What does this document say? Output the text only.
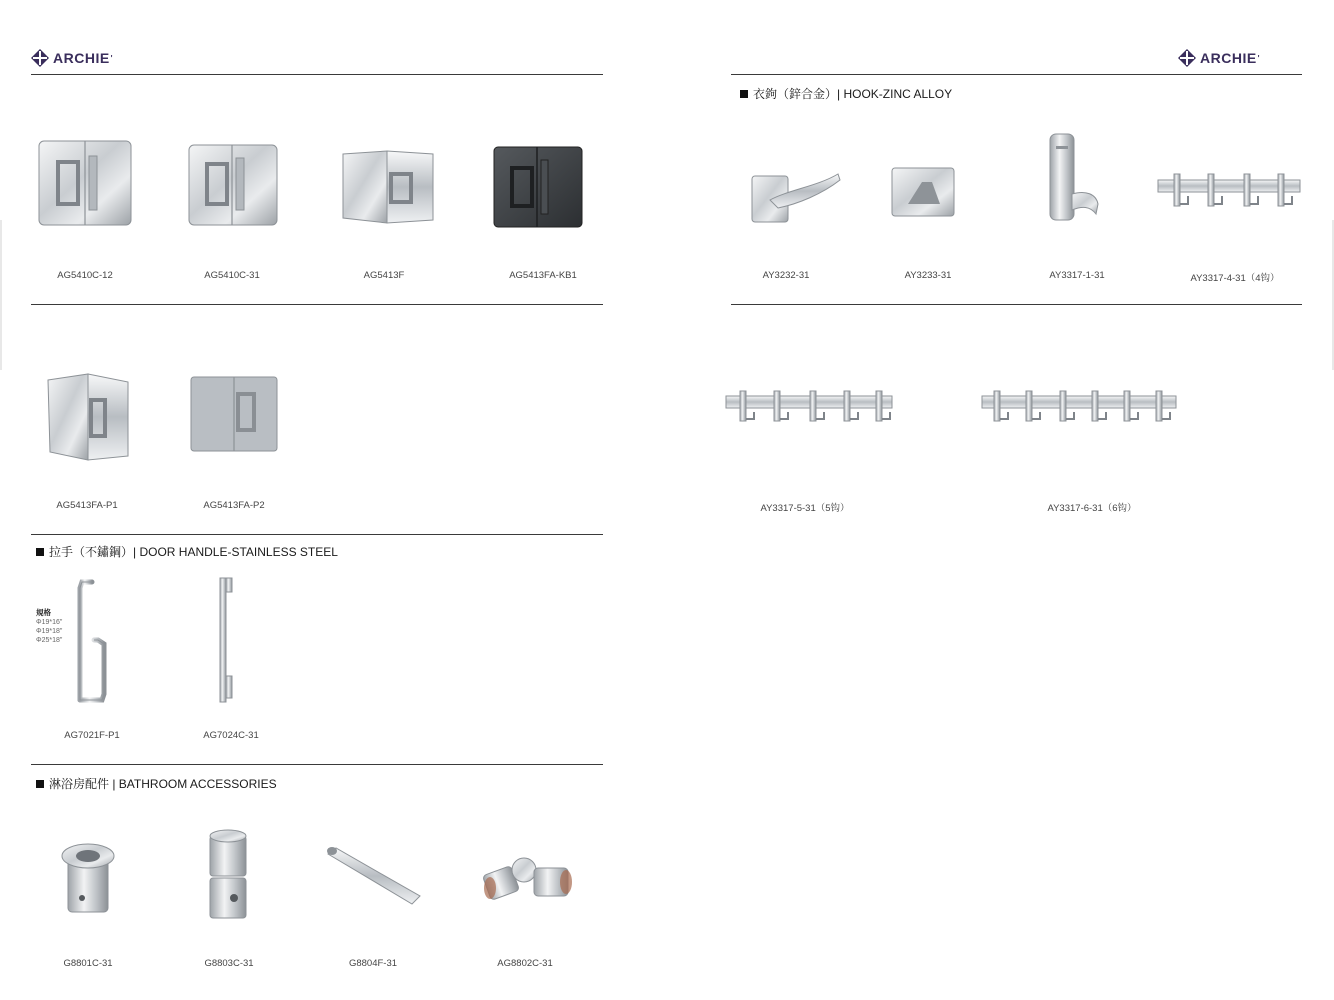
ARCHIE '	ARCHIE '
衣鉤（鋅合金）| HOOK-ZINC ALLOY
拉手（不鏽鋼）| DOOR HANDLE-STAINLESS STEEL
淋浴房配件 | BATHROOM ACCESSORIES
AG5410C-12	AG5410C-31	AG5413F	AG5413FA-KB1
AG5413FA-P1	AG5413FA-P2
AY3232-31	AY3233-31	AY3317-1-31	AY3317-4-31（4钩）
AY3317-5-31（5钩）	AY3317-6-31（6钩）
規格
Φ19*16"
Φ19*18"
Φ25*18"
AG7021F-P1	AG7024C-31
G8801C-31	G8803C-31	G8804F-31	AG8802C-31
